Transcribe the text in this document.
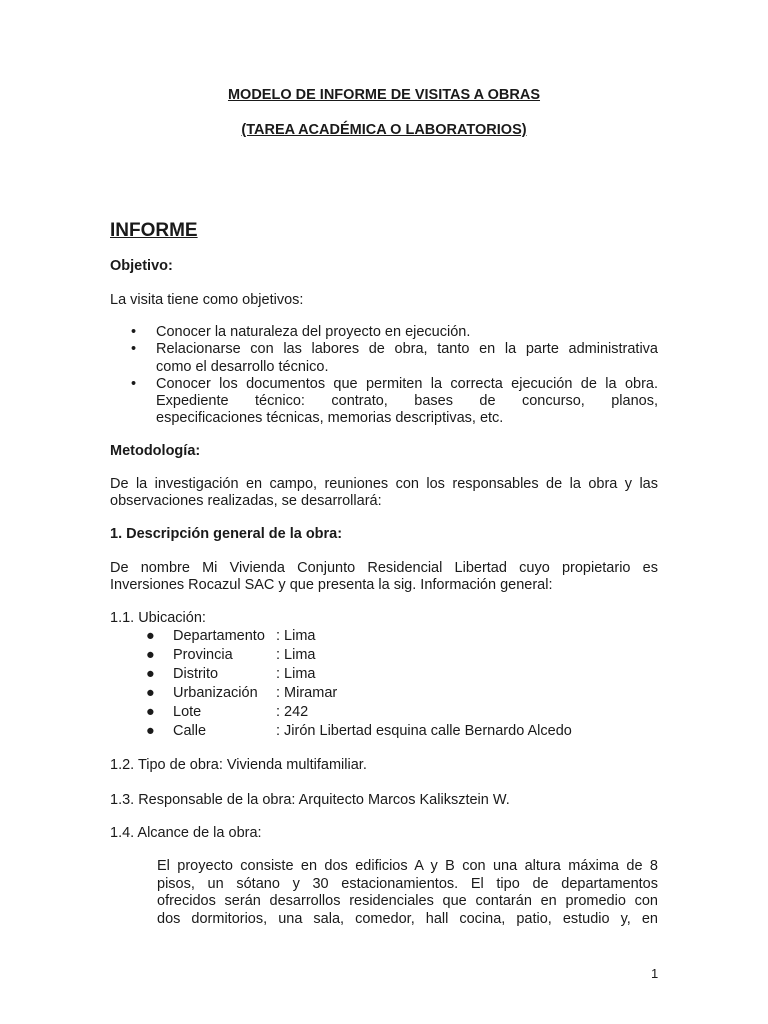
MODELO DE INFORME DE VISITAS A OBRAS
(TAREA ACADÉMICA O LABORATORIOS)
INFORME
Objetivo:
La visita tiene como objetivos:
• Conocer la naturaleza del proyecto en ejecución.
• Relacionarse con las labores de obra, tanto en la parte administrativa
como el desarrollo técnico.
• Conocer los documentos que permiten la correcta ejecución de la obra.
Expediente técnico: contrato, bases de concurso, planos,
especificaciones técnicas, memorias descriptivas, etc.
Metodología:
De la investigación en campo, reuniones con los responsables de la obra y las
observaciones realizadas, se desarrollará:
1. Descripción general de la obra:
De nombre Mi Vivienda Conjunto Residencial Libertad cuyo propietario es
Inversiones Rocazul SAC y que presenta la sig. Información general:
1.1. Ubicación:
● Departamento : Lima
● Provincia	: Lima
● Distrito	: Lima
● Urbanización : Miramar
● Lote	: 242
● Calle	: Jirón Libertad esquina calle Bernardo Alcedo
1.2. Tipo de obra: Vivienda multifamiliar.
1.3. Responsable de la obra: Arquitecto Marcos Kaliksztein W.
1.4. Alcance de la obra:
El proyecto consiste en dos edificios A y B con una altura máxima de 8
pisos, un sótano y 30 estacionamientos. El tipo de departamentos
ofrecidos serán desarrollos residenciales que contarán en promedio con
dos dormitorios, una sala, comedor, hall cocina, patio, estudio y, en
1
